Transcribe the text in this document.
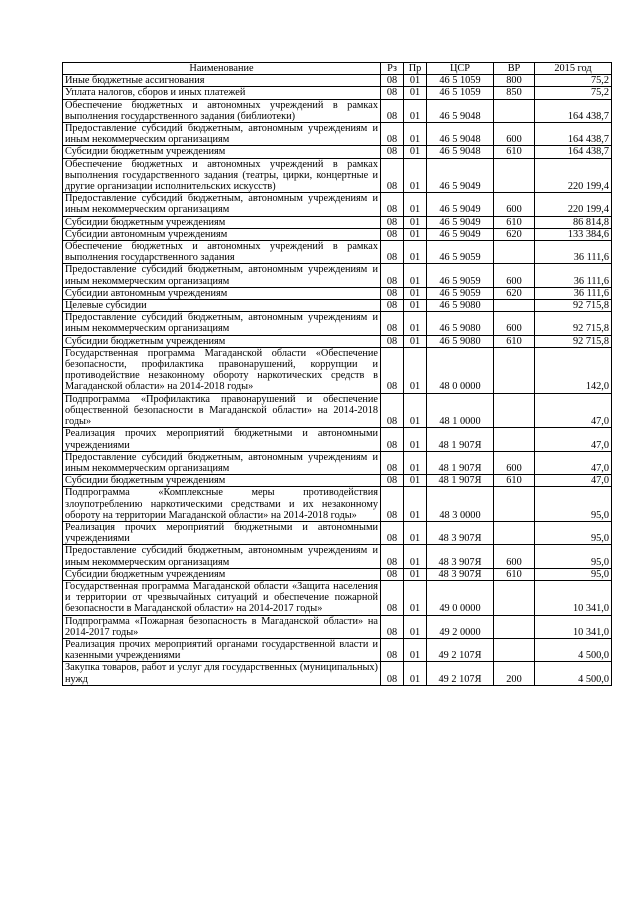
Наименование	Рз	Пр	ЦСР	ВР	2015 год
Иные бюджетные ассигнования	08	01	46 5 1059	800	75,2
Уплата налогов, сборов и иных платежей	08	01	46 5 1059	850	75,2
Обеспечение бюджетных и автономных учреждений в рамках выполнения государственного задания (библиотеки)	08	01	46 5 9048		164 438,7
Предоставление субсидий бюджетным, автономным учреждениям и иным некоммерческим организациям	08	01	46 5 9048	600	164 438,7
Субсидии бюджетным учреждениям	08	01	46 5 9048	610	164 438,7
Обеспечение бюджетных и автономных учреждений в рамках выполнения государственного задания (театры, цирки, концертные и другие организации исполнительских искусств)	08	01	46 5 9049		220 199,4
Предоставление субсидий бюджетным, автономным учреждениям и иным некоммерческим организациям	08	01	46 5 9049	600	220 199,4
Субсидии бюджетным учреждениям	08	01	46 5 9049	610	86 814,8
Субсидии автономным учреждениям	08	01	46 5 9049	620	133 384,6
Обеспечение бюджетных и автономных учреждений в рамках выполнения государственного задания	08	01	46 5 9059		36 111,6
Предоставление субсидий бюджетным, автономным учреждениям и иным некоммерческим организациям	08	01	46 5 9059	600	36 111,6
Субсидии автономным учреждениям	08	01	46 5 9059	620	36 111,6
Целевые субсидии	08	01	46 5 9080		92 715,8
Предоставление субсидий бюджетным, автономным учреждениям и иным некоммерческим организациям	08	01	46 5 9080	600	92 715,8
Субсидии бюджетным учреждениям	08	01	46 5 9080	610	92 715,8
Государственная программа Магаданской области «Обеспечение безопасности, профилактика правонарушений, коррупции и противодействие незаконному обороту наркотических средств в Магаданской области» на 2014-2018 годы»	08	01	48 0 0000		142,0
Подпрограмма «Профилактика правонарушений и обеспечение общественной безопасности в Магаданской области» на 2014-2018 годы»	08	01	48 1 0000		47,0
Реализация прочих мероприятий бюджетными и автономными учреждениями	08	01	48 1 907Я		47,0
Предоставление субсидий бюджетным, автономным учреждениям и иным некоммерческим организациям	08	01	48 1 907Я	600	47,0
Субсидии бюджетным учреждениям	08	01	48 1 907Я	610	47,0
Подпрограмма «Комплексные меры противодействия злоупотреблению наркотическими средствами и их незаконному обороту на территории Магаданской области» на 2014-2018 годы»	08	01	48 3 0000		95,0
Реализация прочих мероприятий бюджетными и автономными учреждениями	08	01	48 3 907Я		95,0
Предоставление субсидий бюджетным, автономным учреждениям и иным некоммерческим организациям	08	01	48 3 907Я	600	95,0
Субсидии бюджетным учреждениям	08	01	48 3 907Я	610	95,0
Государственная программа Магаданской области «Защита населения и территории от чрезвычайных ситуаций и обеспечение пожарной безопасности в Магаданской области» на 2014-2017 годы»	08	01	49 0 0000		10 341,0
Подпрограмма «Пожарная безопасность в Магаданской области» на 2014-2017 годы»	08	01	49 2 0000		10 341,0
Реализация прочих мероприятий органами государственной власти и казенными учреждениями	08	01	49 2 107Я		4 500,0
Закупка товаров, работ и услуг для государственных (муниципальных) нужд	08	01	49 2 107Я	200	4 500,0
